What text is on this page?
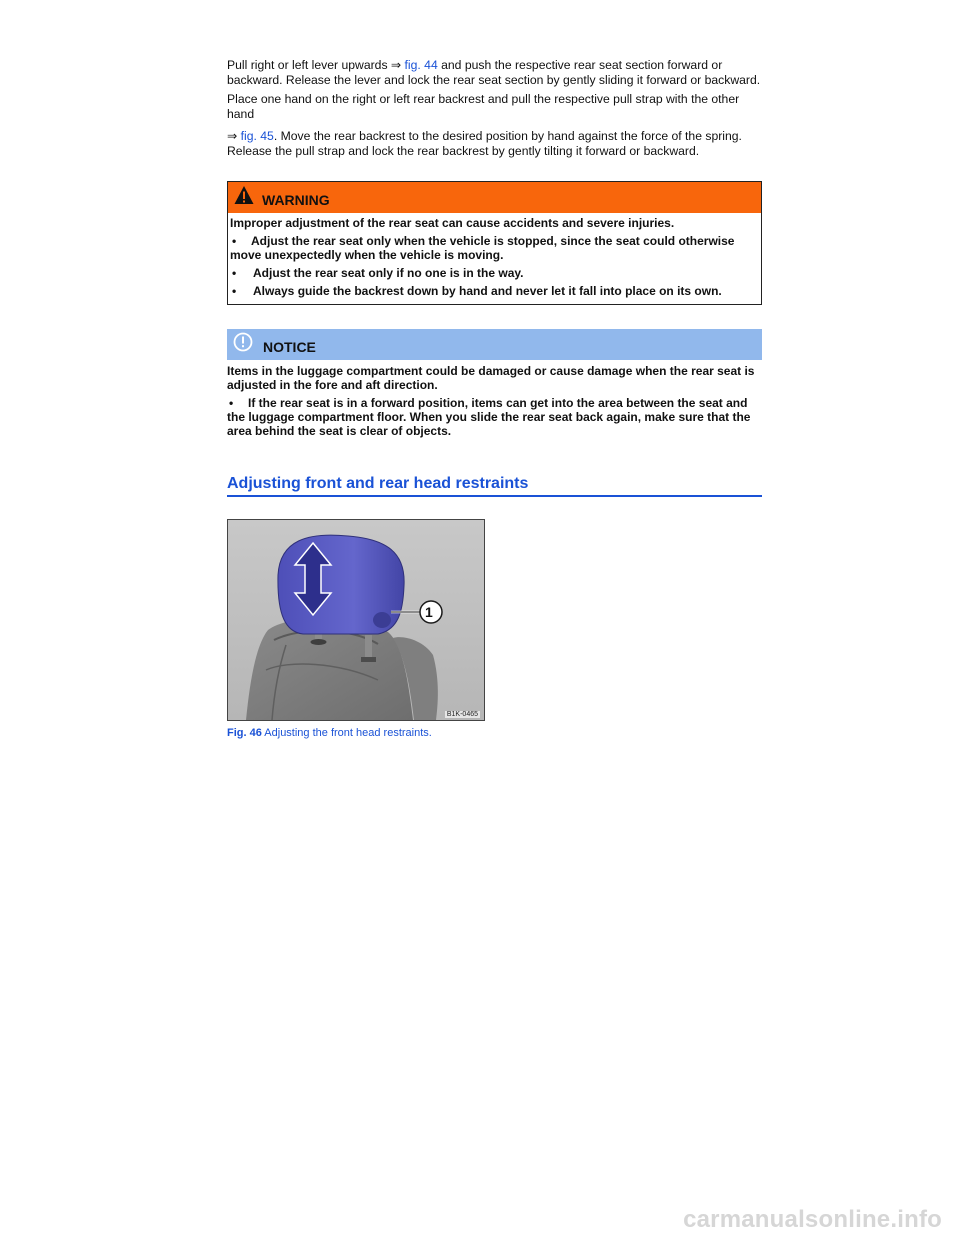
Pull right or left lever upwards ⇒ fig. 44 and push the respective rear seat section forward or backward. Release the lever and lock the rear seat section by gently sliding it forward or backward.

Place one hand on the right or left rear backrest and pull the respective pull strap with the other hand

⇒ fig. 45. Move the rear backrest to the desired position by hand against the force of the spring. Release the pull strap and lock the rear backrest by gently tilting it forward or backward.

WARNING
Improper adjustment of the rear seat can cause accidents and severe injuries.
• Adjust the rear seat only when the vehicle is stopped, since the seat could otherwise move unexpectedly when the vehicle is moving.
•	Adjust the rear seat only if no one is in the way.
•	Always guide the backrest down by hand and never let it fall into place on its own.
NOTICE
Items in the luggage compartment could be damaged or cause damage when the rear seat is adjusted in the fore and aft direction.
• If the rear seat is in a forward position, items can get into the area between the seat and the luggage compartment floor. When you slide the rear seat back again, make sure that the area behind the seat is clear of objects.
Adjusting front and rear head restraints
1
B1K-0465
Fig. 46 Adjusting the front head restraints.
carmanualsonline.info
